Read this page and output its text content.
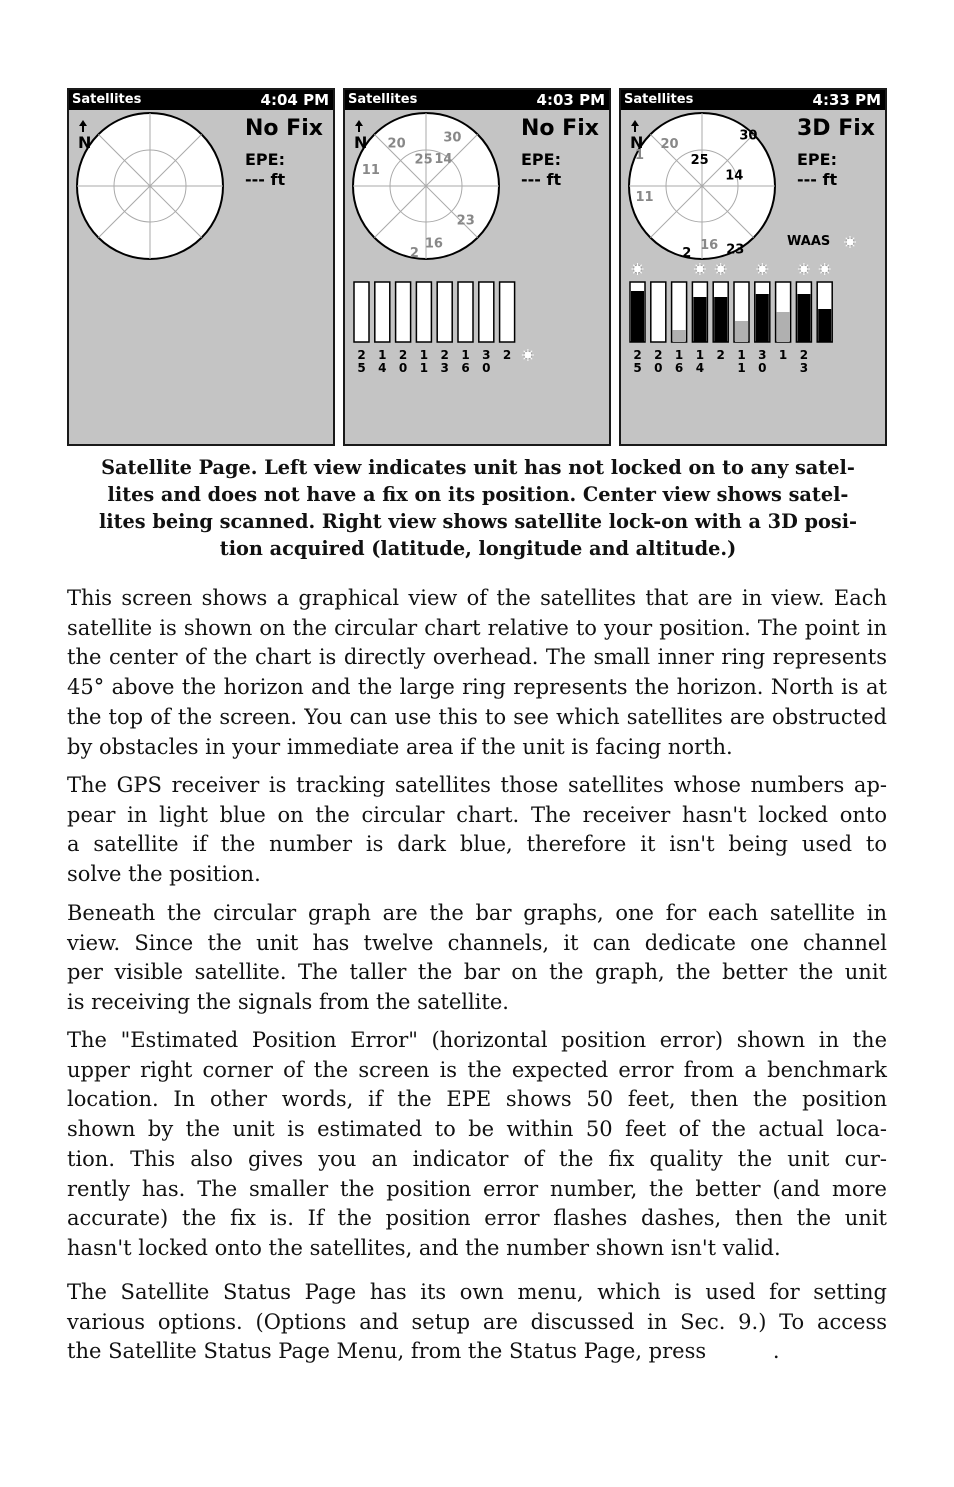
Satellites	4:04 PM
N
No Fix
EPE:
--- ft
Satellites	4:03 PM
N 20	30
25 14
11
23
16
2
2
5
1
4
2
0
1
1
2
3
1
6
3
0
2
No Fix
EPE:
--- ft
Satellites	4:33 PM
N
1
20
30
25
14
11
16 23
2
2
5
2
0
1
6
1
4
2 1
1
3
0
1 2
3
3D Fix
EPE:
--- ft
WAAS
Satellite Page. Left view indicates unit has not locked on to any satel-
lites and does not have a fix on its position. Center view shows satel-
lites being scanned. Right view shows satellite lock-on with a 3D posi-
tion acquired (latitude, longitude and altitude.)
This screen shows a graphical view of the satellites that are in view. Each
satellite is shown on the circular chart relative to your position. The point in
the center of the chart is directly overhead. The small inner ring represents
45° above the horizon and the large ring represents the horizon. North is at
the top of the screen. You can use this to see which satellites are obstructed
by obstacles in your immediate area if the unit is facing north.
The GPS receiver is tracking satellites those satellites whose numbers ap-
pear in light blue on the circular chart. The receiver hasn't locked onto
a satellite if the number is dark blue, therefore it isn't being used to
solve the position.
Beneath the circular graph are the bar graphs, one for each satellite in
view. Since the unit has twelve channels, it can dedicate one channel
per visible satellite. The taller the bar on the graph, the better the unit
is receiving the signals from the satellite.
The "Estimated Position Error" (horizontal position error) shown in the
upper right corner of the screen is the expected error from a benchmark
location. In other words, if the EPE shows 50 feet, then the position
shown by the unit is estimated to be within 50 feet of the actual loca-
tion. This also gives you an indicator of the fix quality the unit cur-
rently has. The smaller the position error number, the better (and more
accurate) the fix is. If the position error flashes dashes, then the unit
hasn't locked onto the satellites, and the number shown isn't valid.
The Satellite Status Page has its own menu, which is used for setting
various options. (Options and setup are discussed in Sec. 9.) To access
the Satellite Status Page Menu, from the Status Page, press          .
